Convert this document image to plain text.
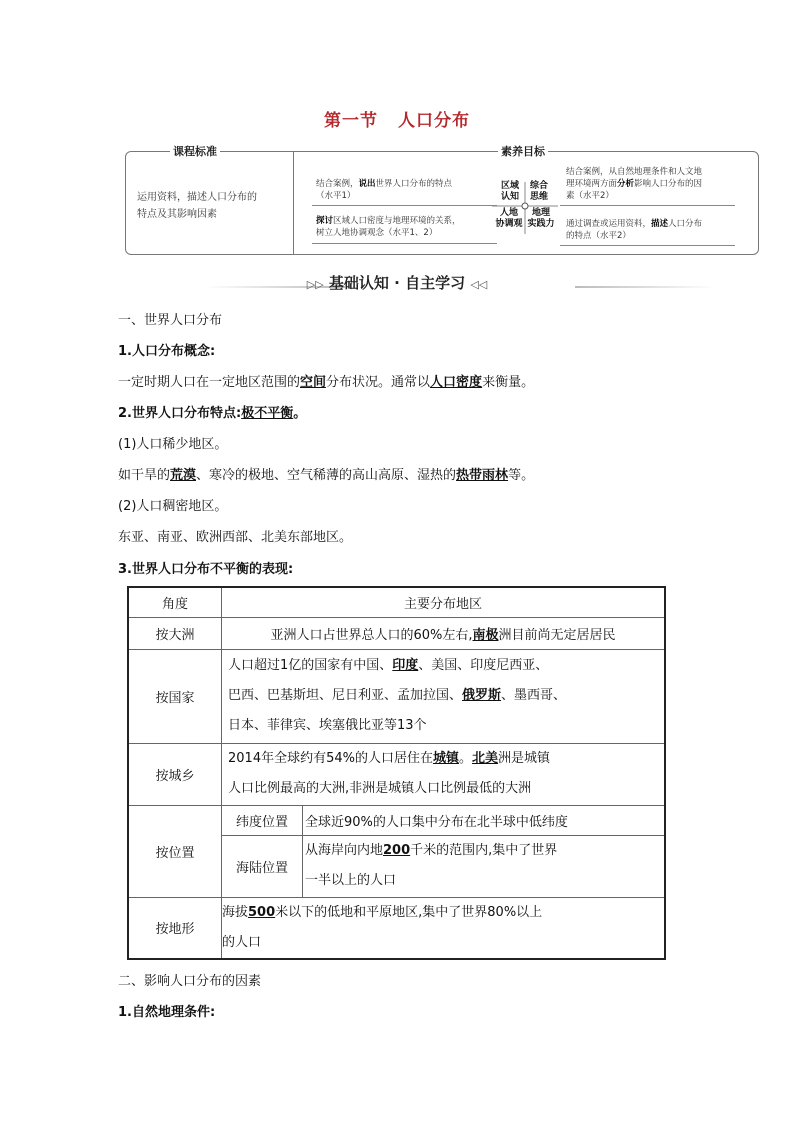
第一节 人口分布
课程标准	素养目标
运用资料，描述人口分布的
特点及其影响因素
结合案例，说出世界人口分布的特点
（水平1）
探讨区域人口密度与地理环境的关系，
树立人地协调观念（水平1、2）
区域
认知
综合
思维
人地
协调观
地理
实践力
结合案例，从自然地理条件和人文地
理环境两方面分析影响人口分布的因
素（水平2）
通过调查或运用资料，描述人口分布
的特点（水平2）
▷▷ 基础认知 · 自主学习 ◁◁
一、世界人口分布
1.人口分布概念:
一定时期人口在一定地区范围的空间分布状况。通常以人口密度来衡量。
2.世界人口分布特点:极不平衡。
(1)人口稀少地区。
如干旱的荒漠、寒冷的极地、空气稀薄的高山高原、湿热的热带雨林等。
(2)人口稠密地区。
东亚、南亚、欧洲西部、北美东部地区。
3.世界人口分布不平衡的表现:
角度	主要分布地区	
按大洲	亚洲人口占世界总人口的60%左右,南极洲目前尚无定居居民	
按国家	人口超过1亿的国家有中国、印度、美国、印度尼西亚、
巴西、巴基斯坦、尼日利亚、孟加拉国、俄罗斯、墨西哥、
日本、菲律宾、埃塞俄比亚等13个	

按城乡	2014年全球约有54%的人口居住在城镇。北美洲是城镇
人口比例最高的大洲,非洲是城镇人口比例最低的大洲	

按位置	纬度位置	全球近90%的人口集中分布在北半球中低纬度
	海陆位置	从海岸向内地200千米的范围内,集中了世界
一半以上的人口

按地形	海拔500米以下的低地和平原地区,集中了世界80%以上
的人口	
二、影响人口分布的因素
1.自然地理条件:
